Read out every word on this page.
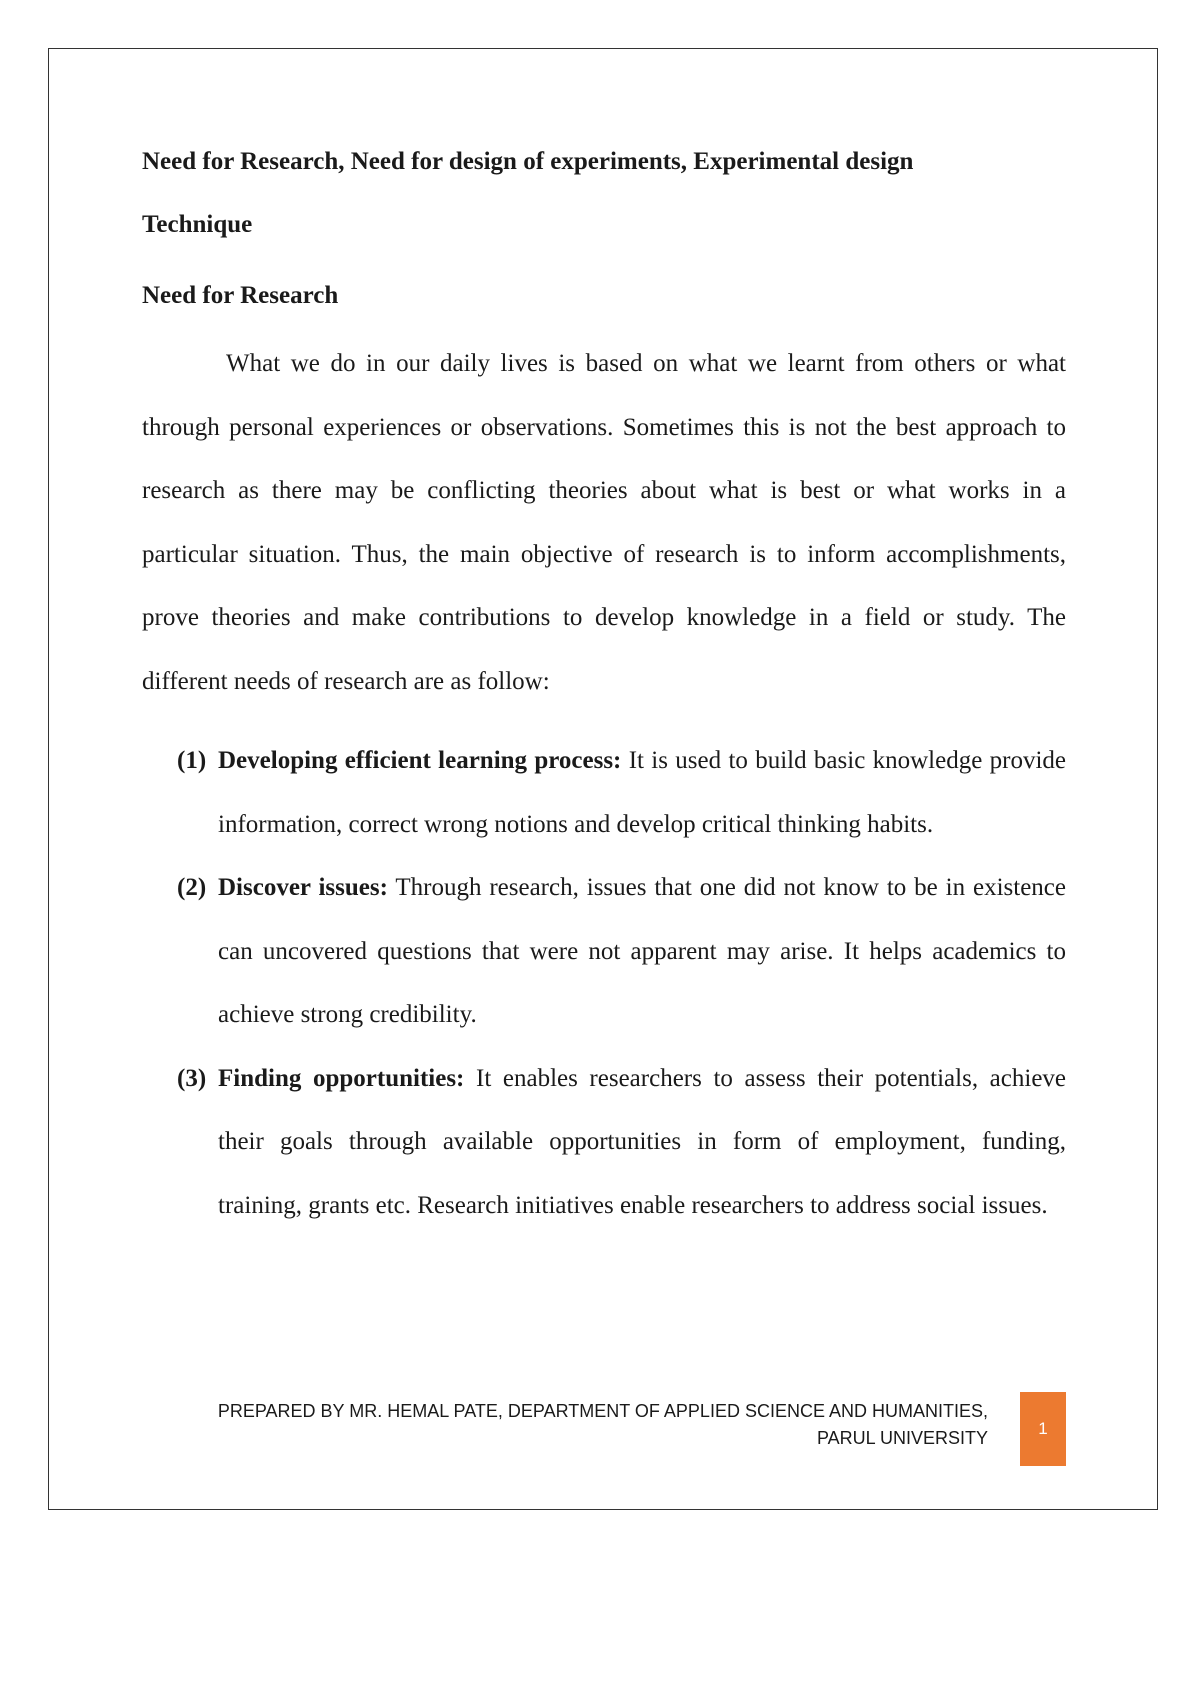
Need for Research, Need for design of experiments, Experimental design
Technique
Need for Research

What we do in our daily lives is based on what we learnt from others or what through personal experiences or observations. Sometimes this is not the best approach to research as there may be conflicting theories about what is best or what works in a particular situation. Thus, the main objective of research is to inform accomplishments, prove theories and make contributions to develop knowledge in a field or study. The different needs of research are as follow:

(1) Developing efficient learning process: It is used to build basic knowledge provide information, correct wrong notions and develop critical thinking habits.
(2) Discover issues: Through research, issues that one did not know to be in existence can uncovered questions that were not apparent may arise. It helps academics to achieve strong credibility.
(3) Finding opportunities: It enables researchers to assess their potentials, achieve their goals through available opportunities in form of employment, funding, training, grants etc. Research initiatives enable researchers to address social issues.
PREPARED BY MR. HEMAL PATE, DEPARTMENT OF APPLIED SCIENCE AND HUMANITIES,
PARUL UNIVERSITY	1
